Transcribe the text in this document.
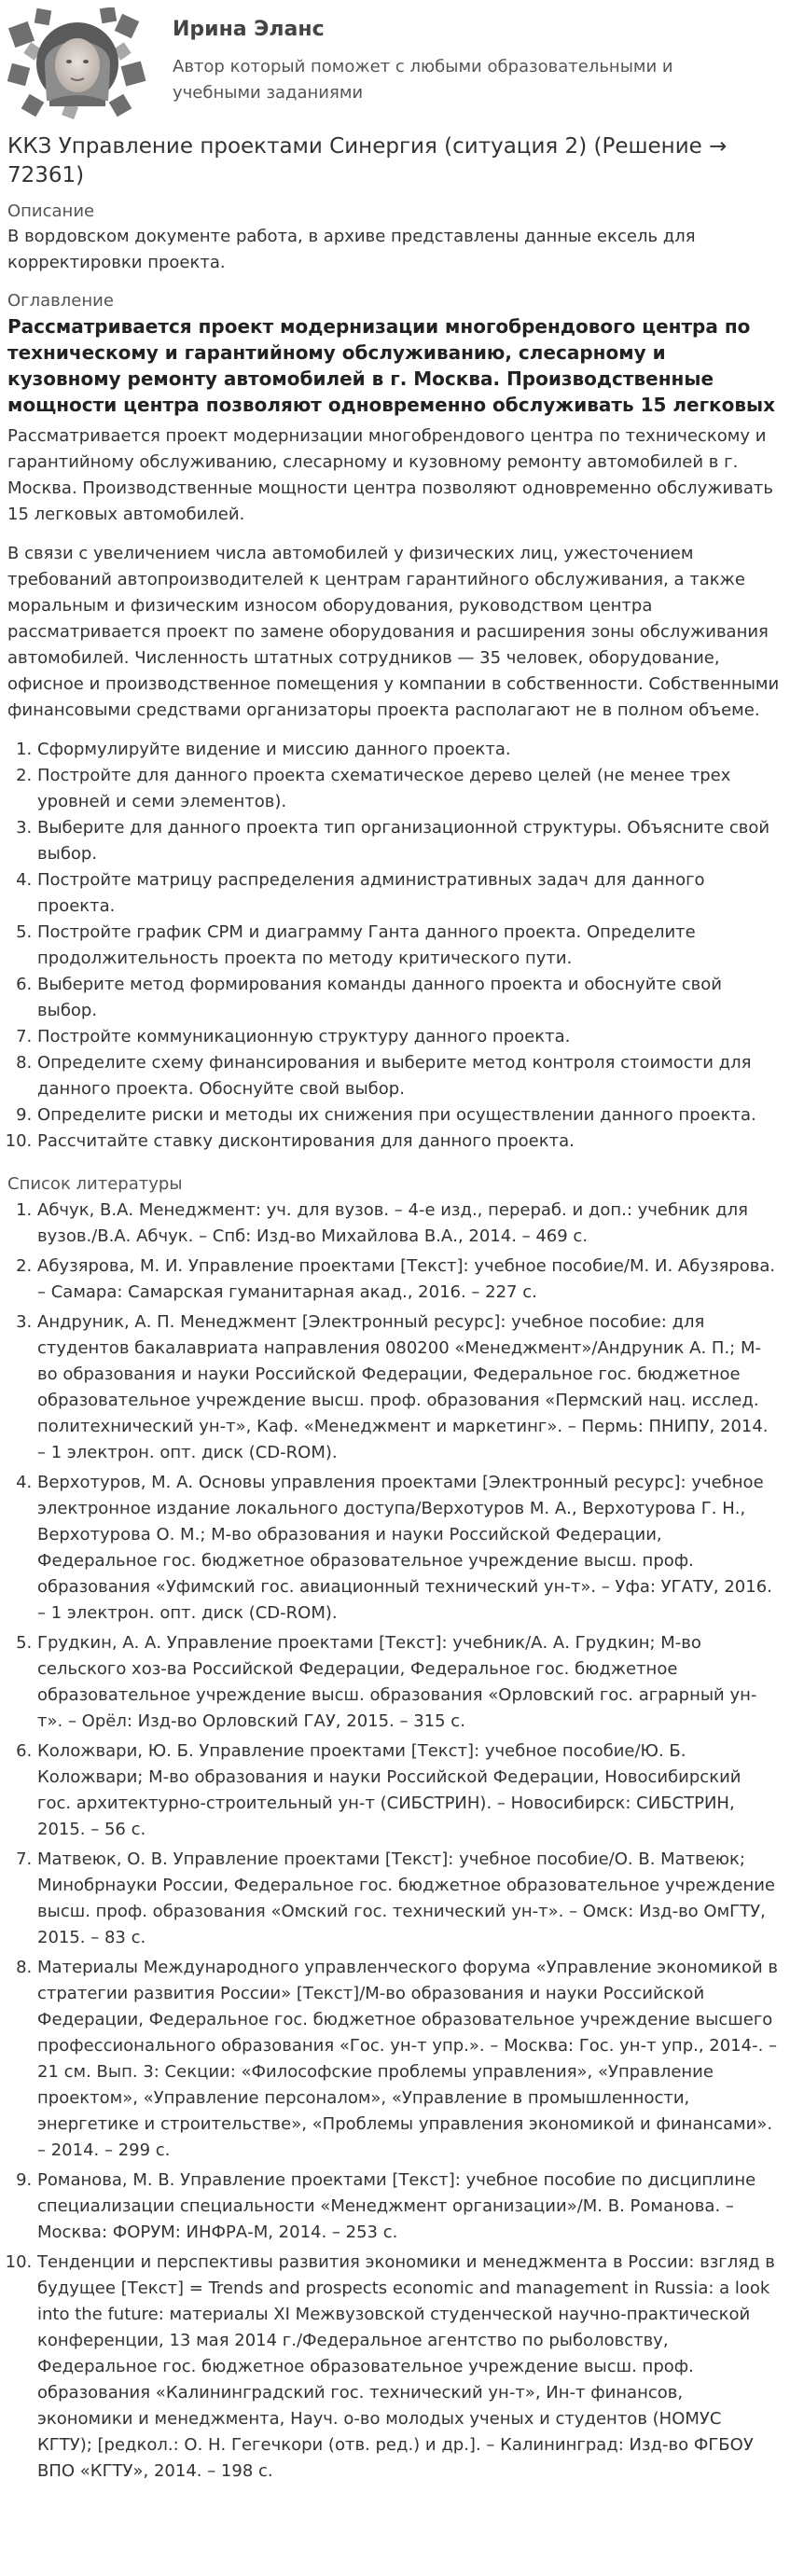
Ирина Эланс
Автор который поможет с любыми образовательными и учебными заданиями
ККЗ Управление проектами Синергия (ситуация 2) (Решение → 72361)

Описание

В вордовском документе работа, в архиве представлены данные ексель для корректировки проекта.

Оглавление

Рассматривается проект модернизации многобрендового центра по техническому и гарантийному обслуживанию, слесарному и кузовному ремонту автомобилей в г. Москва. Производственные мощности центра позволяют одновременно обслуживать 15 легковых

Рассматривается проект модернизации многобрендового центра по техническому и гарантийному обслуживанию, слесарному и кузовному ремонту автомобилей в г. Москва. Производственные мощности центра позволяют одновременно обслуживать 15 легковых автомобилей.

В связи с увеличением числа автомобилей у физических лиц, ужесточением требований автопроизводителей к центрам гарантийного обслуживания, а также моральным и физическим износом оборудования, руководством центра рассматривается проект по замене оборудования и расширения зоны обслуживания автомобилей. Численность штатных сотрудников — 35 человек, оборудование, офисное и производственное помещения у компании в собственности. Собственными финансовыми средствами организаторы проекта располагают не в полном объеме.

1. Сформулируйте видение и миссию данного проекта.
2. Постройте для данного проекта схематическое дерево целей (не менее трех уровней и семи элементов).
3. Выберите для данного проекта тип организационной структуры. Объясните свой выбор.
4. Постройте матрицу распределения административных задач для данного проекта.
5. Постройте график СРМ и диаграмму Ганта данного проекта. Определите продолжительность проекта по методу критического пути.
6. Выберите метод формирования команды данного проекта и обоснуйте свой выбор.
7. Постройте коммуникационную структуру данного проекта.
8. Определите схему финансирования и выберите метод контроля стоимости для данного проекта. Обоснуйте свой выбор.
9. Определите риски и методы их снижения при осуществлении данного проекта.
10. Рассчитайте ставку дисконтирования для данного проекта.

Список литературы

1. Абчук, В.А. Менеджмент: уч. для вузов. – 4-е изд., перераб. и доп.: учебник для вузов./В.А. Абчук. – Спб: Изд-во Михайлова В.А., 2014. – 469 с.
2. Абузярова, М. И. Управление проектами [Текст]: учебное пособие/М. И. Абузярова. – Самара: Самарская гуманитарная акад., 2016. – 227 с.
3. Андруник, А. П. Менеджмент [Электронный ресурс]: учебное пособие: для студентов бакалавриата направления 080200 «Менеджмент»/Андруник А. П.; М-во образования и науки Российской Федерации, Федеральное гос. бюджетное образовательное учреждение высш. проф. образования «Пермский нац. исслед. политехнический ун-т», Каф. «Менеджмент и маркетинг». – Пермь: ПНИПУ, 2014. – 1 электрон. опт. диск (CD-ROM).
4. Верхотуров, М. А. Основы управления проектами [Электронный ресурс]: учебное электронное издание локального доступа/Верхотуров М. А., Верхотурова Г. Н., Верхотурова О. М.; М-во образования и науки Российской Федерации, Федеральное гос. бюджетное образовательное учреждение высш. проф. образования «Уфимский гос. авиационный технический ун-т». – Уфа: УГАТУ, 2016. – 1 электрон. опт. диск (CD-ROM).
5. Грудкин, А. А. Управление проектами [Текст]: учебник/А. А. Грудкин; М-во сельского хоз-ва Российской Федерации, Федеральное гос. бюджетное образовательное учреждение высш. образования «Орловский гос. аграрный ун-т». – Орёл: Изд-во Орловский ГАУ, 2015. – 315 с.
6. Коложвари, Ю. Б. Управление проектами [Текст]: учебное пособие/Ю. Б. Коложвари; М-во образования и науки Российской Федерации, Новосибирский гос. архитектурно-строительный ун-т (СИБСТРИН). – Новосибирск: СИБСТРИН, 2015. – 56 с.
7. Матвеюк, О. В. Управление проектами [Текст]: учебное пособие/О. В. Матвеюк; Минобрнауки России, Федеральное гос. бюджетное образовательное учреждение высш. проф. образования «Омский гос. технический ун-т». – Омск: Изд-во ОмГТУ, 2015. – 83 с.
8. Материалы Международного управленческого форума «Управление экономикой в стратегии развития России» [Текст]/М-во образования и науки Российской Федерации, Федеральное гос. бюджетное образовательное учреждение высшего профессионального образования «Гос. ун-т упр.». – Москва: Гос. ун-т упр., 2014-. – 21 см. Вып. 3: Секции: «Философские проблемы управления», «Управление проектом», «Управление персоналом», «Управление в промышленности, энергетике и строительстве», «Проблемы управления экономикой и финансами». – 2014. – 299 с.
9. Романова, М. В. Управление проектами [Текст]: учебное пособие по дисциплине специализации специальности «Менеджмент организации»/М. В. Романова. – Москва: ФОРУМ: ИНФРА-М, 2014. – 253 с.
10. Тенденции и перспективы развития экономики и менеджмента в России: взгляд в будущее [Текст] = Trends and prospects economic and management in Russia: a look into the future: материалы XI Межвузовской студенческой научно-практической конференции, 13 мая 2014 г./Федеральное агентство по рыболовству, Федеральное гос. бюджетное образовательное учреждение высш. проф. образования «Калининградский гос. технический ун-т», Ин-т финансов, экономики и менеджмента, Науч. о-во молодых ученых и студентов (НОМУС КГТУ); [редкол.: О. Н. Гегечкори (отв. ред.) и др.]. – Калининград: Изд-во ФГБОУ ВПО «КГТУ», 2014. – 198 с.
